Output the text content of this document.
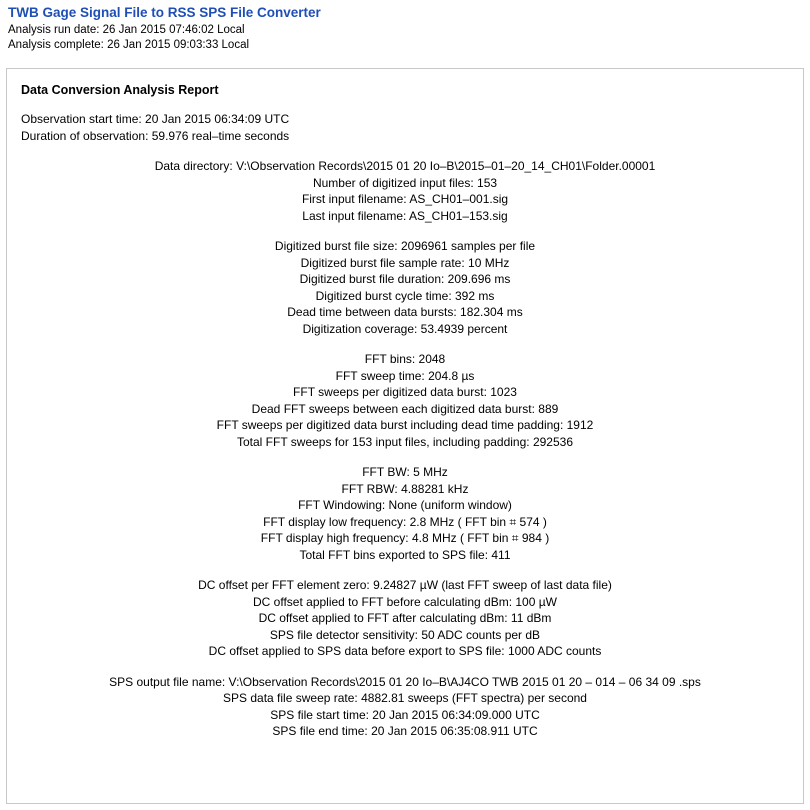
TWB Gage Signal File to RSS SPS File Converter
Analysis run date: 26 Jan 2015 07:46:02 Local
Analysis complete: 26 Jan 2015 09:03:33 Local
Data Conversion Analysis Report
Observation start time: 20 Jan 2015 06:34:09 UTC
Duration of observation: 59.976 real–time seconds
Data directory: V:\Observation Records\2015 01 20 Io–B\2015–01–20_14_CH01\Folder.00001
Number of digitized input files: 153
First input filename: AS_CH01–001.sig
Last input filename: AS_CH01–153.sig
Digitized burst file size: 2096961 samples per file
Digitized burst file sample rate: 10 MHz
Digitized burst file duration: 209.696 ms
Digitized burst cycle time: 392 ms
Dead time between data bursts: 182.304 ms
Digitization coverage: 53.4939 percent
FFT bins: 2048
FFT sweep time: 204.8 µs
FFT sweeps per digitized data burst: 1023
Dead FFT sweeps between each digitized data burst: 889
FFT sweeps per digitized data burst including dead time padding: 1912
Total FFT sweeps for 153 input files, including padding: 292536
FFT BW: 5 MHz
FFT RBW: 4.88281 kHz
FFT Windowing: None (uniform window)
FFT display low frequency: 2.8 MHz ( FFT bin ⌗ 574 )
FFT display high frequency: 4.8 MHz ( FFT bin ⌗ 984 )
Total FFT bins exported to SPS file: 411
DC offset per FFT element zero: 9.24827 µW (last FFT sweep of last data file)
DC offset applied to FFT before calculating dBm: 100 µW
DC offset applied to FFT after calculating dBm: 11 dBm
SPS file detector sensitivity: 50 ADC counts per dB
DC offset applied to SPS data before export to SPS file: 1000 ADC counts
SPS output file name: V:\Observation Records\2015 01 20 Io–B\AJ4CO TWB 2015 01 20 – 014 – 06 34 09 .sps
SPS data file sweep rate: 4882.81 sweeps (FFT spectra) per second
SPS file start time: 20 Jan 2015 06:34:09.000 UTC
SPS file end time: 20 Jan 2015 06:35:08.911 UTC
